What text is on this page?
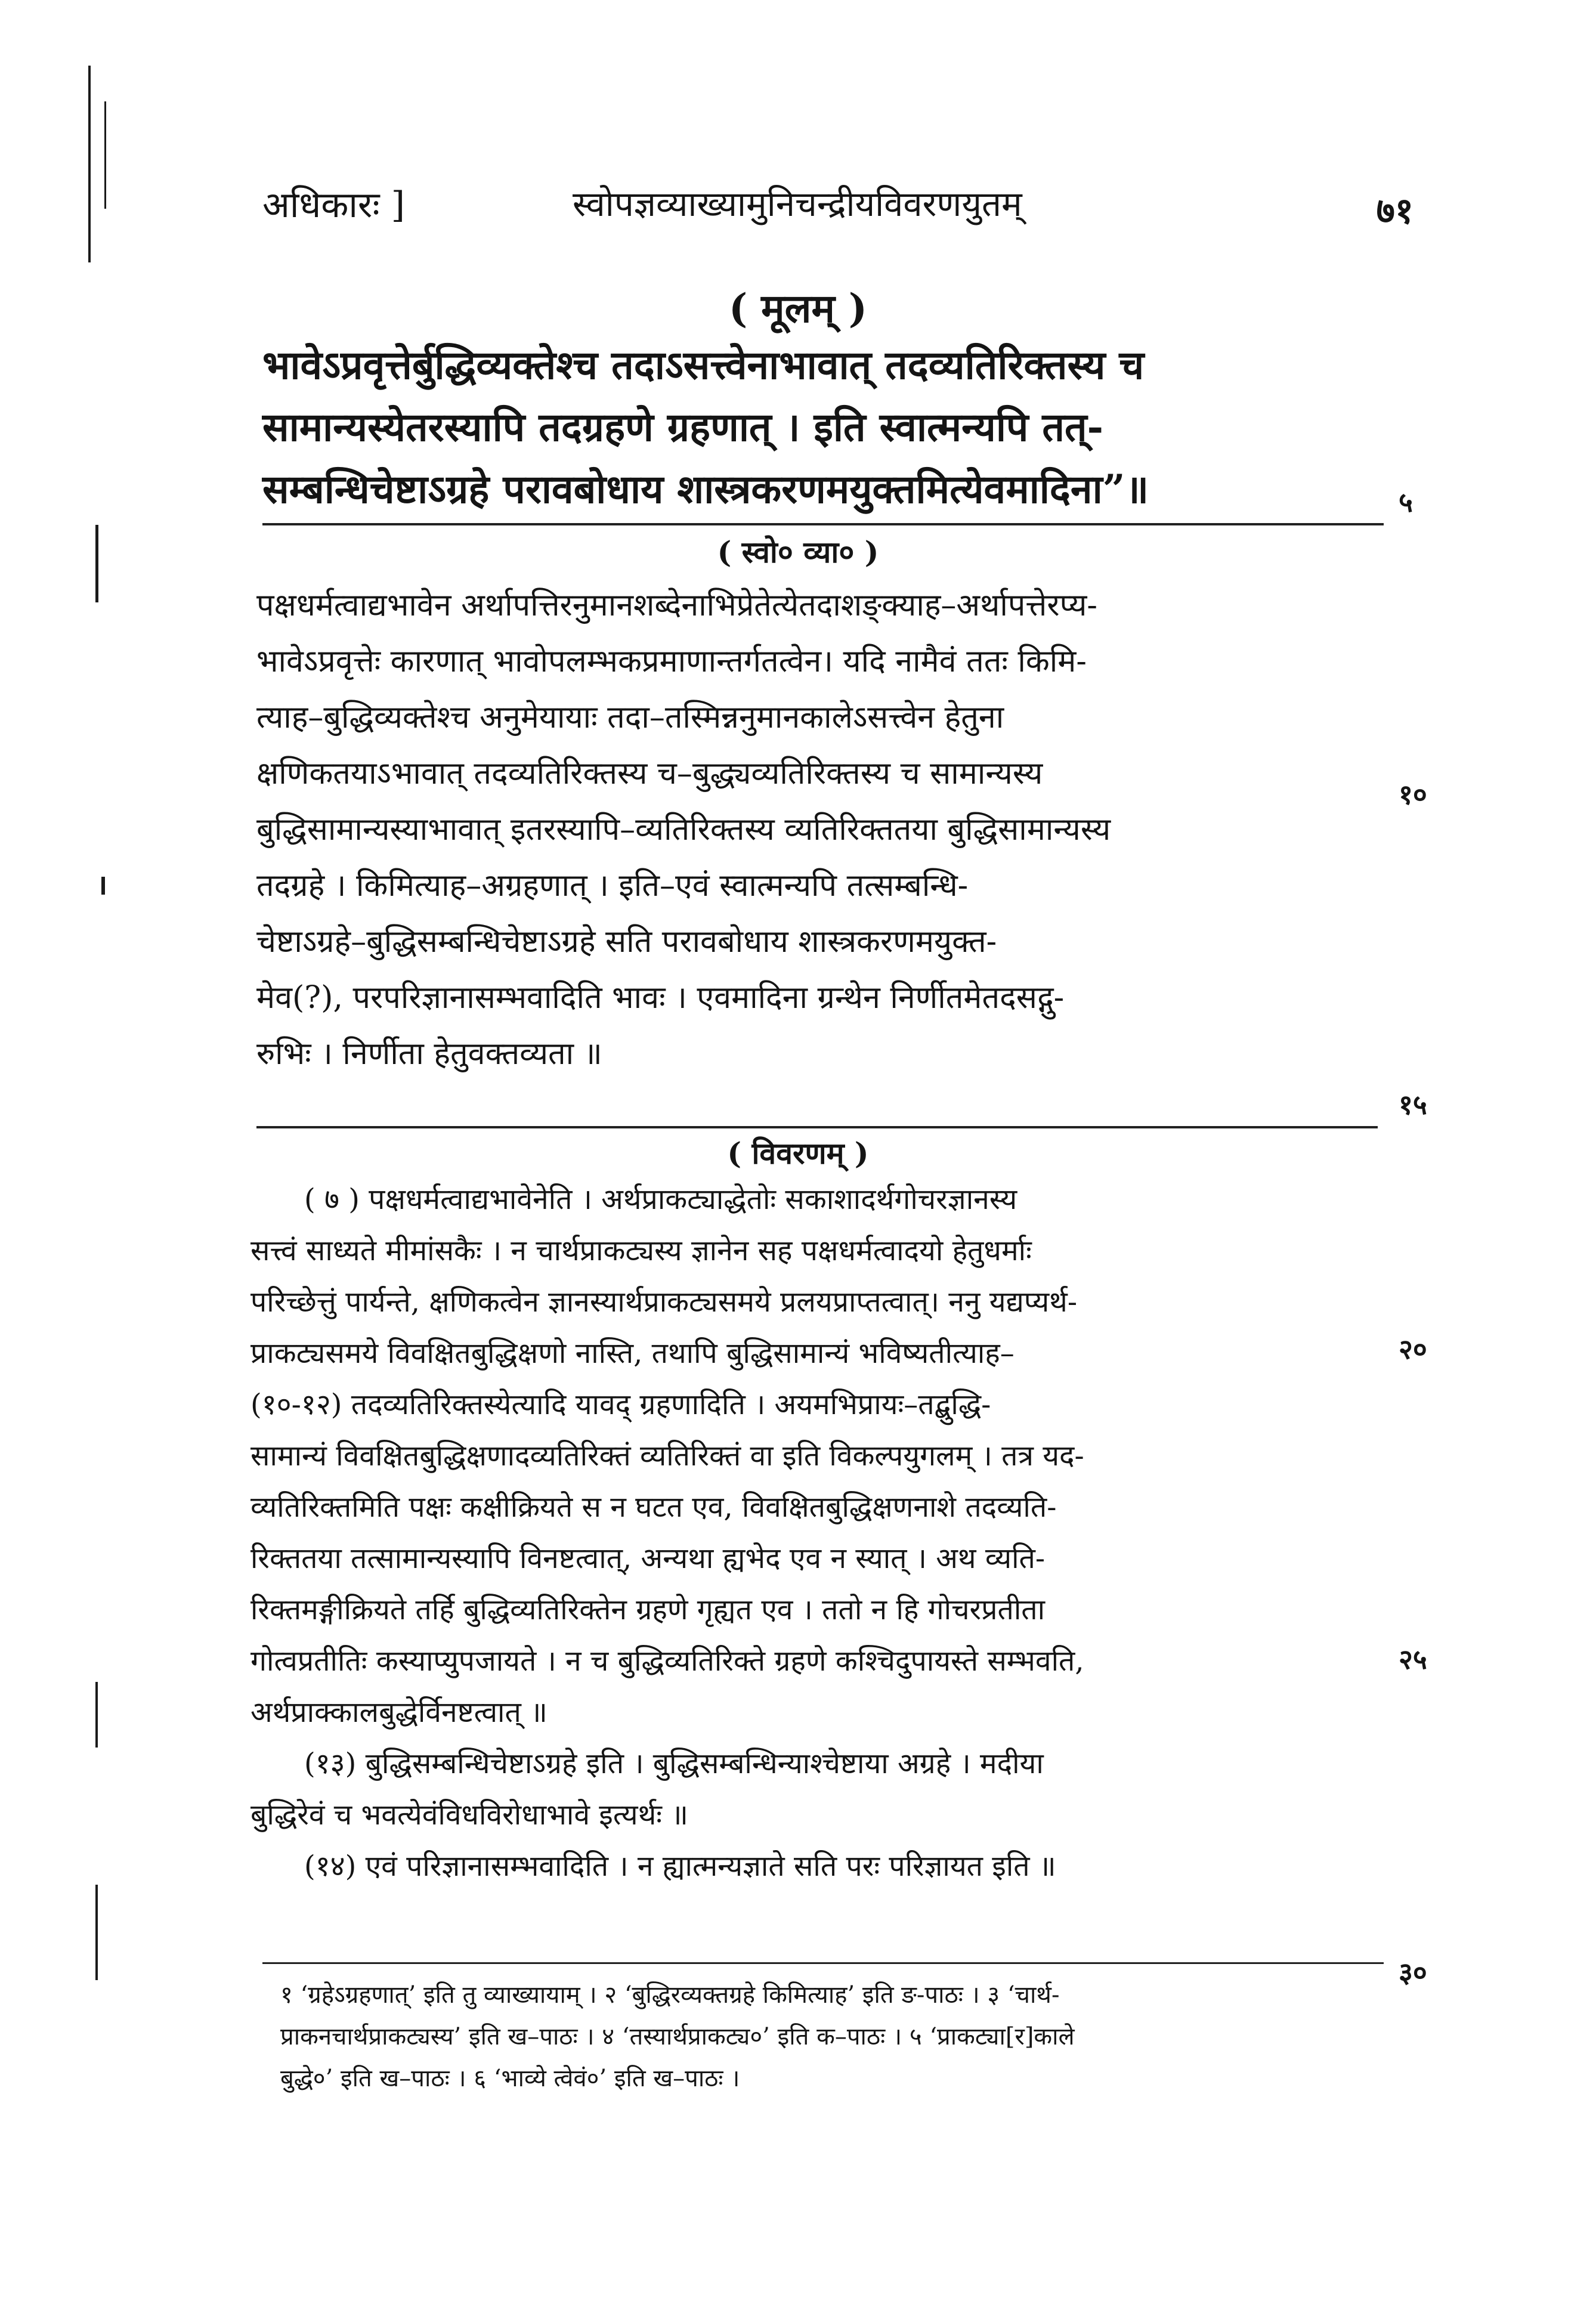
अधिकारः ]	स्वोपज्ञव्याख्यामुनिचन्द्रीयविवरणयुतम्	७१
( मूलम् )
भावेऽप्रवृत्तेर्बुद्धिव्यक्तेश्च तदाऽसत्त्वेनाभावात् तदव्यतिरिक्तस्य च
सामान्यस्येतरस्यापि तदग्रहणे ग्रहणात् । इति स्वात्मन्यपि तत्-
सम्बन्धिचेष्टाऽग्रहे परावबोधाय शास्त्रकरणमयुक्तमित्येवमादिना”॥
( स्वो० व्या० )
पक्षधर्मत्वाद्यभावेन अर्थापत्तिरनुमानशब्देनाभिप्रेतेत्येतदाशङ्क्याह–अर्थापत्तेरप्य-
भावेऽप्रवृत्तेः कारणात् भावोपलम्भकप्रमाणान्तर्गतत्वेन। यदि नामैवं ततः किमि-
त्याह–बुद्धिव्यक्तेश्च अनुमेयायाः तदा–तस्मिन्ननुमानकालेऽसत्त्वेन हेतुना
क्षणिकतयाऽभावात् तदव्यतिरिक्तस्य च–बुद्ध्यव्यतिरिक्तस्य च सामान्यस्य
बुद्धिसामान्यस्याभावात् इतरस्यापि–व्यतिरिक्तस्य व्यतिरिक्ततया बुद्धिसामान्यस्य
तदग्रहे । किमित्याह–अग्रहणात् । इति–एवं स्वात्मन्यपि तत्सम्बन्धि-
चेष्टाऽग्रहे–बुद्धिसम्बन्धिचेष्टाऽग्रहे सति परावबोधाय शास्त्रकरणमयुक्त-
मेव(?), परपरिज्ञानासम्भवादिति भावः । एवमादिना ग्रन्थेन निर्णीतमेतदसद्गु-
रुभिः । निर्णीता हेतुवक्तव्यता ॥
( विवरणम् )
( ७ ) पक्षधर्मत्वाद्यभावेनेति । अर्थप्राकट्याद्धेतोः सकाशादर्थगोचरज्ञानस्य
सत्त्वं साध्यते मीमांसकैः । न चार्थप्राकट्यस्य ज्ञानेन सह पक्षधर्मत्वादयो हेतुधर्माः
परिच्छेत्तुं पार्यन्ते, क्षणिकत्वेन ज्ञानस्यार्थप्राकट्यसमये प्रलयप्राप्तत्वात्। ननु यद्यप्यर्थ-
प्राकट्यसमये विवक्षितबुद्धिक्षणो नास्ति, तथापि बुद्धिसामान्यं भविष्यतीत्याह–
(१०-१२) तदव्यतिरिक्तस्येत्यादि यावद् ग्रहणादिति । अयमभिप्रायः–तद्बुद्धि-
सामान्यं विवक्षितबुद्धिक्षणादव्यतिरिक्तं व्यतिरिक्तं वा इति विकल्पयुगलम् । तत्र यद-
व्यतिरिक्तमिति पक्षः कक्षीक्रियते स न घटत एव, विवक्षितबुद्धिक्षणनाशे तदव्यति-
रिक्ततया तत्सामान्यस्यापि विनष्टत्वात्, अन्यथा ह्यभेद एव न स्यात् । अथ व्यति-
रिक्तमङ्गीक्रियते तर्हि बुद्धिव्यतिरिक्तेन ग्रहणे गृह्यत एव । ततो न हि गोचरप्रतीता
गोत्वप्रतीतिः कस्याप्युपजायते । न च बुद्धिव्यतिरिक्ते ग्रहणे कश्चिदुपायस्ते सम्भवति,
अर्थप्राक्कालबुद्धेर्विनष्टत्वात् ॥
(१३) बुद्धिसम्बन्धिचेष्टाऽग्रहे इति । बुद्धिसम्बन्धिन्याश्चेष्टाया अग्रहे । मदीया
बुद्धिरेवं च भवत्येवंविधविरोधाभावे इत्यर्थः ॥
(१४) एवं परिज्ञानासम्भवादिति । न ह्यात्मन्यज्ञाते सति परः परिज्ञायत इति ॥
५
१०
१५
२०
२५
३०
१ ‘ग्रहेऽग्रहणात्’ इति तु व्याख्यायाम् । २ ‘बुद्धिरव्यक्तग्रहे किमित्याह’ इति ङ-पाठः । ३ ‘चार्थ-
प्राकनचार्थप्राकट्यस्य’ इति ख–पाठः । ४ ‘तस्यार्थप्राकट्य०’ इति क–पाठः । ५ ‘प्राकट्या[र]काले
बुद्धे०’ इति ख–पाठः । ६ ‘भाव्ये त्वेवं०’ इति ख–पाठः ।
